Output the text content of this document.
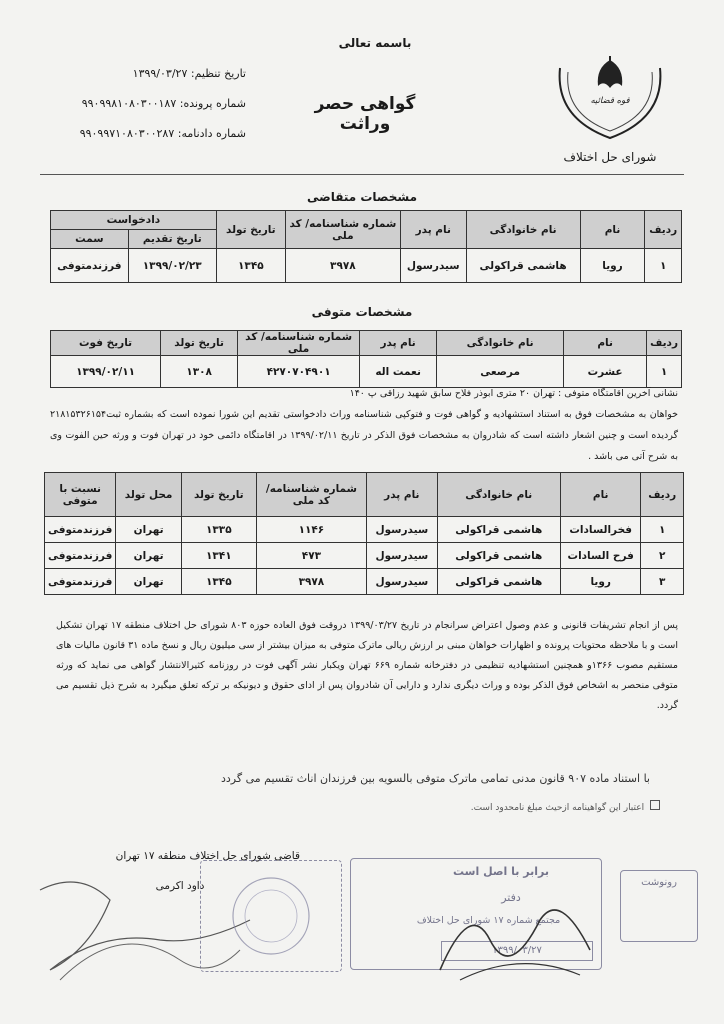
باسمه تعالی
گواهی حصر وراثت
تاریخ تنظیم: ۱۳۹۹/۰۳/۲۷
شماره پرونده: ۹۹۰۹۹۸۱۰۸۰۳۰۰۱۸۷
شماره دادنامه: ۹۹۰۹۹۷۱۰۸۰۳۰۰۲۸۷
قوه قضائیه
شورای حل اختلاف
مشخصات متقاضی
ردیف	نام	نام خانوادگی	نام پدر	شماره شناسنامه/ کد ملی	تاریخ تولد	دادخواست	
						تاریخ تقدیم	سمت
۱	رویا	هاشمی قراکولی	سیدرسول	۳۹۷۸	۱۳۴۵	۱۳۹۹/۰۲/۲۳	فرزندمتوفی
مشخصات متوفی
ردیف	نام	نام خانوادگی	نام پدر	شماره شناسنامه/ کد ملی	تاریخ تولد	تاریخ فوت
۱	عشرت	مرصعی	نعمت اله	۴۲۷۰۷۰۴۹۰۱	۱۳۰۸	۱۳۹۹/۰۲/۱۱
نشانی آخرین اقامتگاه متوفی : تهران ۲۰ متری ابوذر فلاح سابق شهید رزاقی پ ۱۴۰
خواهان به مشخصات فوق به استناد استشهادیه و گواهی فوت و فتوکپی شناسنامه وراث دادخواستی تقدیم این شورا نموده است که بشماره ثبت۲۱۸۱۵۳۲۶۱۵۴ گردیده است و چنین اشعار داشته است که شادروان به مشخصات فوق الذکر در تاریخ ۱۳۹۹/۰۲/۱۱ در اقامتگاه دائمی خود در تهران فوت و ورثه حین الفوت وی به شرح آتی می باشد .
ردیف	نام	نام خانوادگی	نام پدر	شماره شناسنامه/ کد ملی	تاریخ تولد	محل تولد	نسبت با متوفی
۱	فخرالسادات	هاشمی قراکولی	سیدرسول	۱۱۴۶	۱۳۳۵	تهران	فرزندمتوفی
۲	فرح السادات	هاشمی قراکولی	سیدرسول	۴۷۳	۱۳۴۱	تهران	فرزندمتوفی
۳	رویا	هاشمی قراکولی	سیدرسول	۳۹۷۸	۱۳۴۵	تهران	فرزندمتوفی
پس از انجام تشریفات قانونی و عدم وصول اعتراض سرانجام در تاریخ ۱۳۹۹/۰۳/۲۷ دروقت فوق العاده حوزه ۸۰۳ شورای حل اختلاف منطقه ۱۷ تهران تشکیل است و با ملاحظه محتویات پرونده و اظهارات خواهان مبنی بر ارزش ریالی ماترک متوفی به میزان بیشتر از سی میلیون ریال و نسخ ماده ۳۱ قانون مالیات های مستقیم مصوب ۱۳۶۶و همچنین استشهادیه تنظیمی در دفترخانه شماره ۶۶۹ تهران ویکبار نشر آگهی فوت در روزنامه کثیرالانتشار گواهی می نماید که ورثه متوفی منحصر به اشخاص فوق الذکر بوده و وراث دیگری ندارد و دارایی آن شادروان پس از ادای حقوق و دیونیکه بر ترکه تعلق میگیرد به شرح ذیل تقسیم می گردد.
با استناد ماده ۹۰۷ قانون مدنی تمامی ماترک متوفی بالسویه بین فرزندان اناث تقسیم می گردد
اعتبار این گواهینامه ازحیث مبلغ نامحدود است.
قاضی شورای حل اختلاف منطقه ۱۷ تهران
داود اکرمی
برابر با اصل است
دفتر
مجتمع شماره ۱۷ شورای حل اختلاف
۱۳۹۹/۰۳/۲۷
رونوشت
